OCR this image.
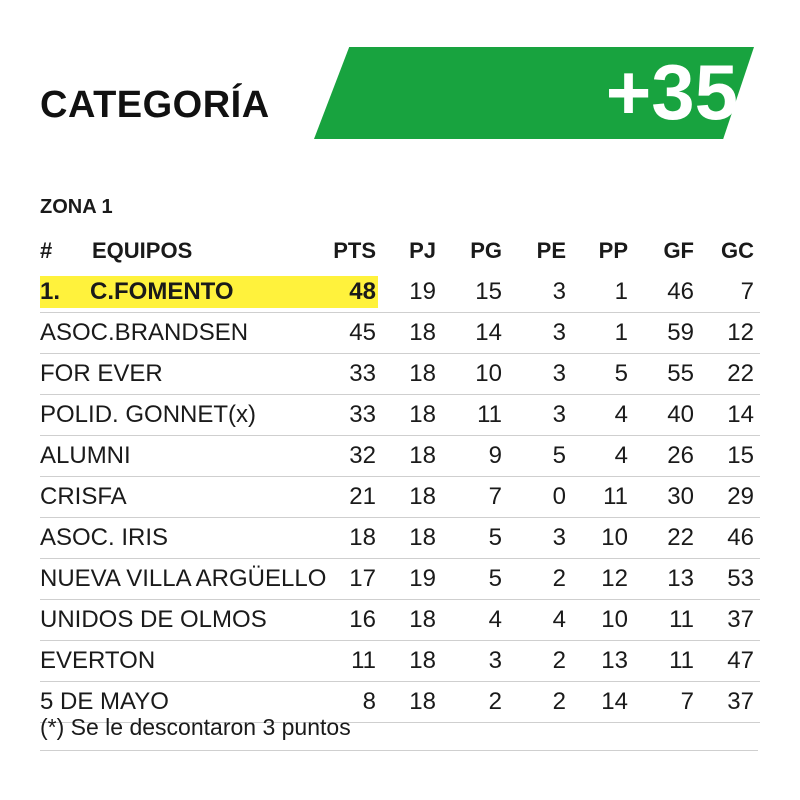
CATEGORÍA	+35
ZONA 1
#	EQUIPOS	PTS	PJ	PG	PE	PP	GF	GC
1.	C.FOMENTO	48	19	15	3	1	46	7
ASOC.BRANDSEN	45	18	14	3	1	59	12
FOR EVER	33	18	10	3	5	55	22
POLID. GONNET(x)	33	18	11	3	4	40	14
ALUMNI	32	18	9	5	4	26	15
CRISFA	21	18	7	0	11	30	29
ASOC. IRIS	18	18	5	3	10	22	46
NUEVA VILLA ARGÜELLO 17	19	5	2	12	13	53
UNIDOS DE OLMOS	16	18	4	4	10	11	37
EVERTON	11	18	3	2	13	11	47
5 DE MAYO	8	18	2	2	14	7	37
(*) Se le descontaron 3 puntos
